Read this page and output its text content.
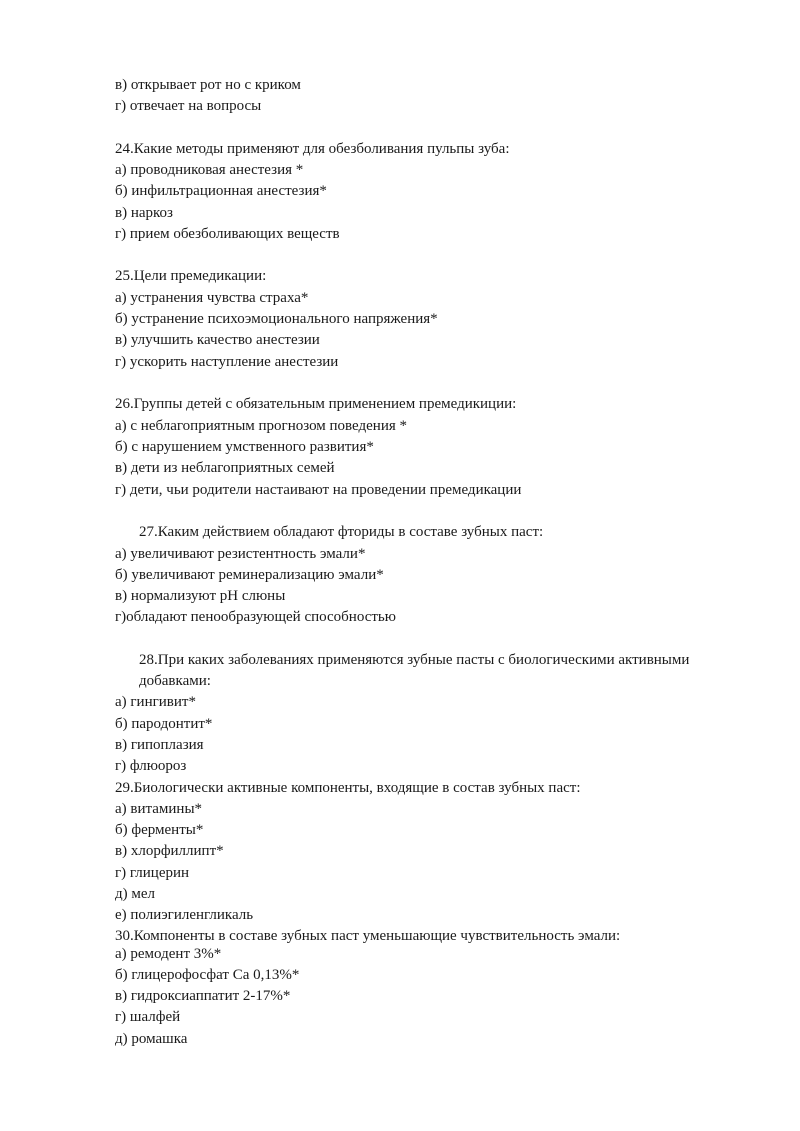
в) открывает рот но с криком
г) отвечает на вопросы
24.Какие методы применяют для обезболивания пульпы зуба:
а) проводниковая анестезия *
б) инфильтрационная анестезия*
в) наркоз
г) прием обезболивающих веществ
25.Цели премедикации:
а) устранения чувства страха*
б) устранение психоэмоционального напряжения*
в) улучшить качество анестезии
г) ускорить наступление анестезии
26.Группы детей с обязательным применением премедикиции:
а) с неблагоприятным прогнозом поведения *
б) с нарушением умственного развития*
в) дети из неблагоприятных семей
г) дети, чьи родители настаивают на проведении премедикации
27.Каким действием обладают фториды в составе зубных паст:
а) увеличивают резистентность эмали*
б) увеличивают реминерализацию эмали*
в) нормализуют рН слюны
г)обладают пенообразующей способностью
28.При каких заболеваниях применяются зубные пасты с биологическими активными
добавками:
а) гингивит*
б) пародонтит*
в) гипоплазия
г) флюороз
29.Биологически активные компоненты, входящие в состав зубных паст:
а) витамины*
б) ферменты*
в) хлорфиллипт*
г) глицерин
д) мел
е) полиэгиленгликаль
30.Компоненты в составе зубных паст уменьшающие чувствительность эмали:
а) ремодент 3%*
б) глицерофосфат Са 0,13%*
в) гидроксиаппатит 2-17%*
г) шалфей
д) ромашка
